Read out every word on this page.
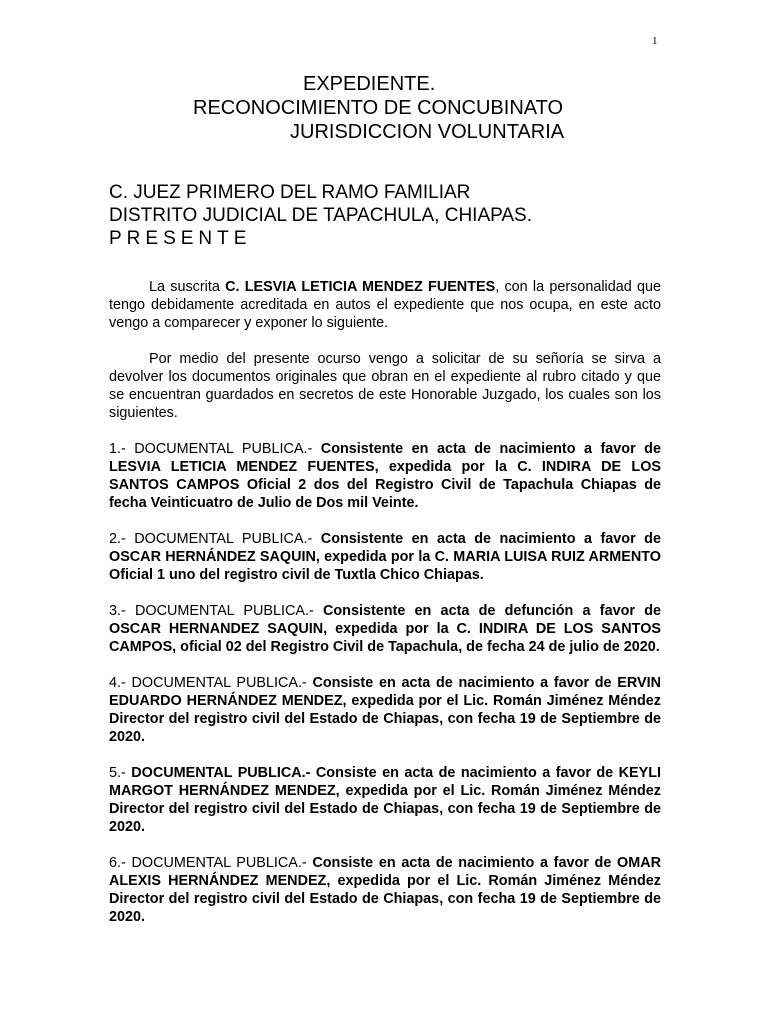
1
EXPEDIENTE.
RECONOCIMIENTO DE CONCUBINATO
JURISDICCION VOLUNTARIA
C. JUEZ PRIMERO DEL RAMO FAMILIAR
DISTRITO JUDICIAL DE TAPACHULA, CHIAPAS.
PRESENTE

La suscrita C. LESVIA LETICIA MENDEZ FUENTES, con la personalidad que tengo debidamente acreditada en autos el expediente que nos ocupa, en este acto vengo a comparecer y exponer lo siguiente.

Por medio del presente ocurso vengo a solicitar de su señoría se sirva a devolver los documentos originales que obran en el expediente al rubro citado y que se encuentran guardados en secretos de este Honorable Juzgado, los cuales son los siguientes.

1.- DOCUMENTAL PUBLICA.- Consistente en acta de nacimiento a favor de LESVIA LETICIA MENDEZ FUENTES, expedida por la C. INDIRA DE LOS SANTOS CAMPOS Oficial 2 dos del Registro Civil de Tapachula Chiapas de fecha Veinticuatro de Julio de Dos mil Veinte.

2.- DOCUMENTAL PUBLICA.- Consistente en acta de nacimiento a favor de OSCAR HERNÁNDEZ SAQUIN, expedida por la C. MARIA LUISA RUIZ ARMENTO Oficial 1 uno del registro civil de Tuxtla Chico Chiapas.

3.- DOCUMENTAL PUBLICA.- Consistente en acta de defunción a favor de OSCAR HERNANDEZ SAQUIN, expedida por la C. INDIRA DE LOS SANTOS CAMPOS, oficial 02 del Registro Civil de Tapachula, de fecha 24 de julio de 2020.

4.- DOCUMENTAL PUBLICA.- Consiste en acta de nacimiento a favor de ERVIN EDUARDO HERNÁNDEZ MENDEZ, expedida por el Lic. Román Jiménez Méndez Director del registro civil del Estado de Chiapas, con fecha 19 de Septiembre de 2020.

5.- DOCUMENTAL PUBLICA.- Consiste en acta de nacimiento a favor de KEYLI MARGOT HERNÁNDEZ MENDEZ, expedida por el Lic. Román Jiménez Méndez Director del registro civil del Estado de Chiapas, con fecha 19 de Septiembre de 2020.

6.- DOCUMENTAL PUBLICA.- Consiste en acta de nacimiento a favor de OMAR ALEXIS HERNÁNDEZ MENDEZ, expedida por el Lic. Román Jiménez Méndez Director del registro civil del Estado de Chiapas, con fecha 19 de Septiembre de 2020.
